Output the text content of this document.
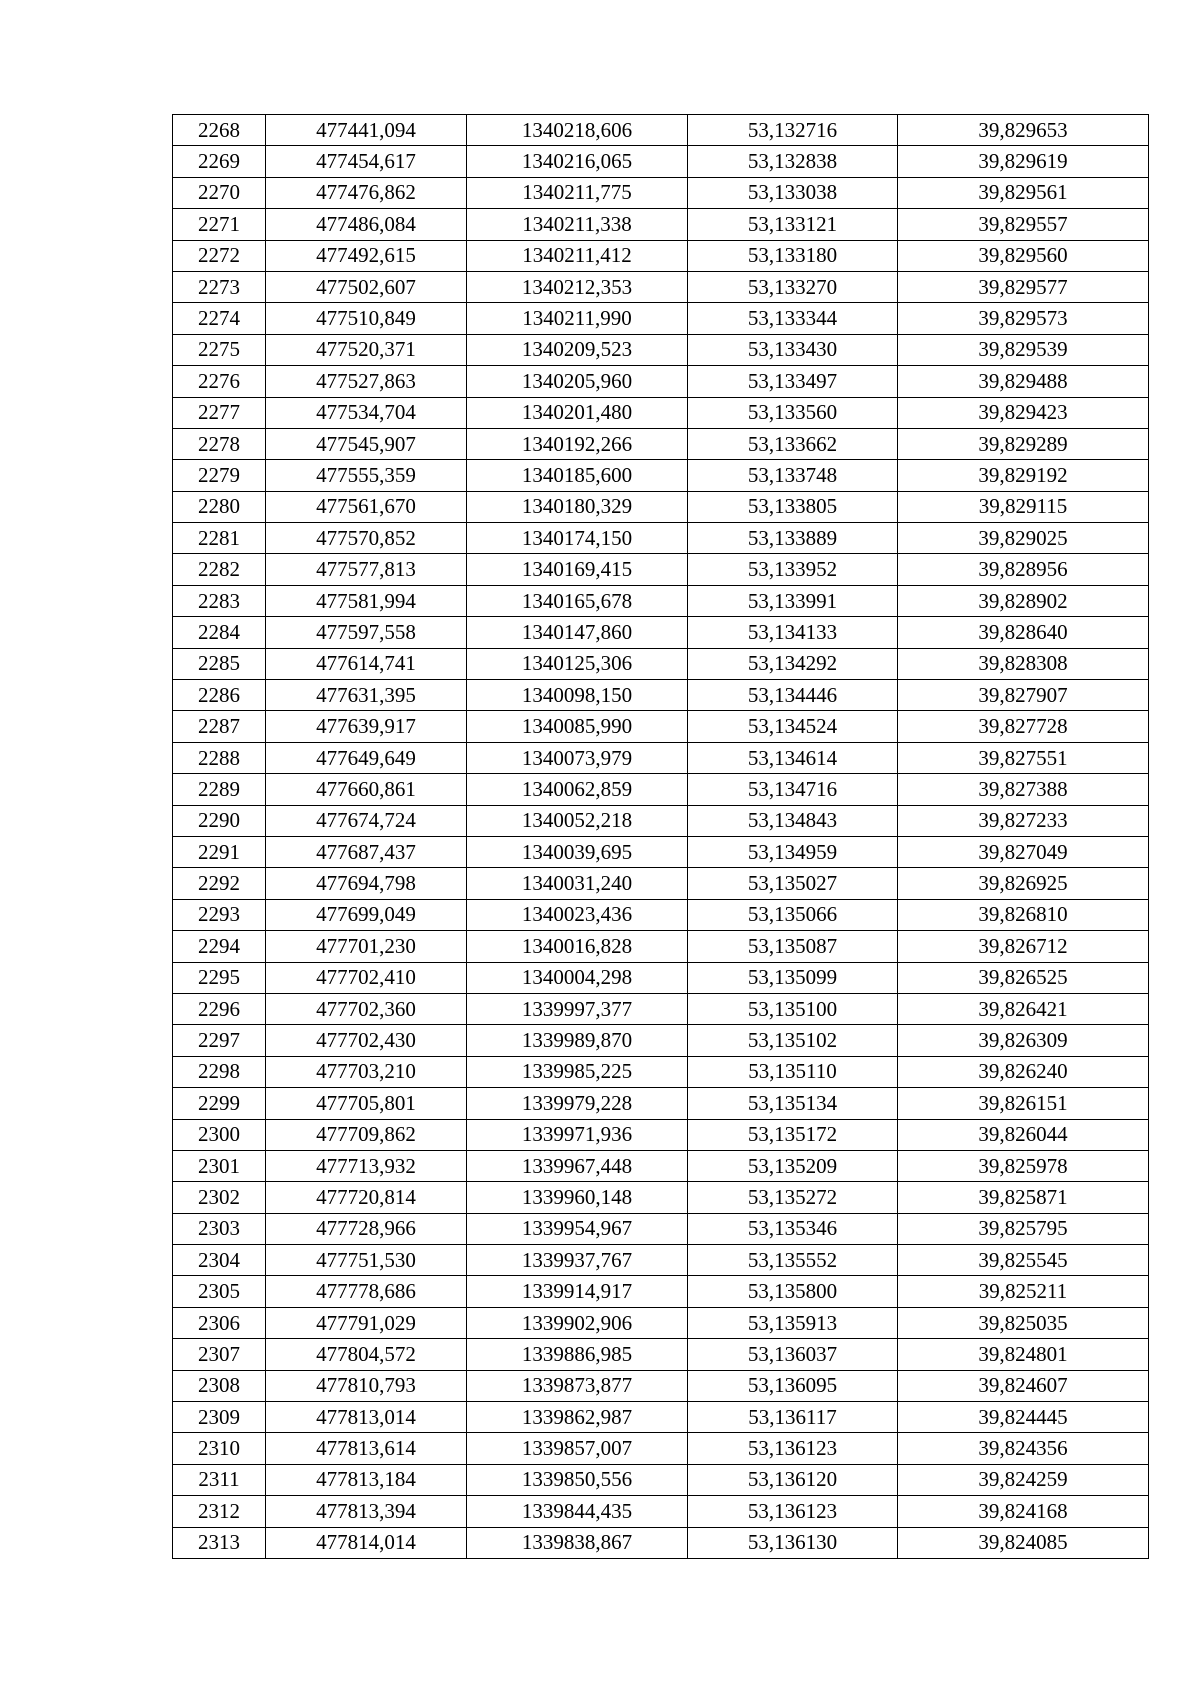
2268	477441,094	1340218,606	53,132716	39,829653
2269	477454,617	1340216,065	53,132838	39,829619
2270	477476,862	1340211,775	53,133038	39,829561
2271	477486,084	1340211,338	53,133121	39,829557
2272	477492,615	1340211,412	53,133180	39,829560
2273	477502,607	1340212,353	53,133270	39,829577
2274	477510,849	1340211,990	53,133344	39,829573
2275	477520,371	1340209,523	53,133430	39,829539
2276	477527,863	1340205,960	53,133497	39,829488
2277	477534,704	1340201,480	53,133560	39,829423
2278	477545,907	1340192,266	53,133662	39,829289
2279	477555,359	1340185,600	53,133748	39,829192
2280	477561,670	1340180,329	53,133805	39,829115
2281	477570,852	1340174,150	53,133889	39,829025
2282	477577,813	1340169,415	53,133952	39,828956
2283	477581,994	1340165,678	53,133991	39,828902
2284	477597,558	1340147,860	53,134133	39,828640
2285	477614,741	1340125,306	53,134292	39,828308
2286	477631,395	1340098,150	53,134446	39,827907
2287	477639,917	1340085,990	53,134524	39,827728
2288	477649,649	1340073,979	53,134614	39,827551
2289	477660,861	1340062,859	53,134716	39,827388
2290	477674,724	1340052,218	53,134843	39,827233
2291	477687,437	1340039,695	53,134959	39,827049
2292	477694,798	1340031,240	53,135027	39,826925
2293	477699,049	1340023,436	53,135066	39,826810
2294	477701,230	1340016,828	53,135087	39,826712
2295	477702,410	1340004,298	53,135099	39,826525
2296	477702,360	1339997,377	53,135100	39,826421
2297	477702,430	1339989,870	53,135102	39,826309
2298	477703,210	1339985,225	53,135110	39,826240
2299	477705,801	1339979,228	53,135134	39,826151
2300	477709,862	1339971,936	53,135172	39,826044
2301	477713,932	1339967,448	53,135209	39,825978
2302	477720,814	1339960,148	53,135272	39,825871
2303	477728,966	1339954,967	53,135346	39,825795
2304	477751,530	1339937,767	53,135552	39,825545
2305	477778,686	1339914,917	53,135800	39,825211
2306	477791,029	1339902,906	53,135913	39,825035
2307	477804,572	1339886,985	53,136037	39,824801
2308	477810,793	1339873,877	53,136095	39,824607
2309	477813,014	1339862,987	53,136117	39,824445
2310	477813,614	1339857,007	53,136123	39,824356
2311	477813,184	1339850,556	53,136120	39,824259
2312	477813,394	1339844,435	53,136123	39,824168
2313	477814,014	1339838,867	53,136130	39,824085
